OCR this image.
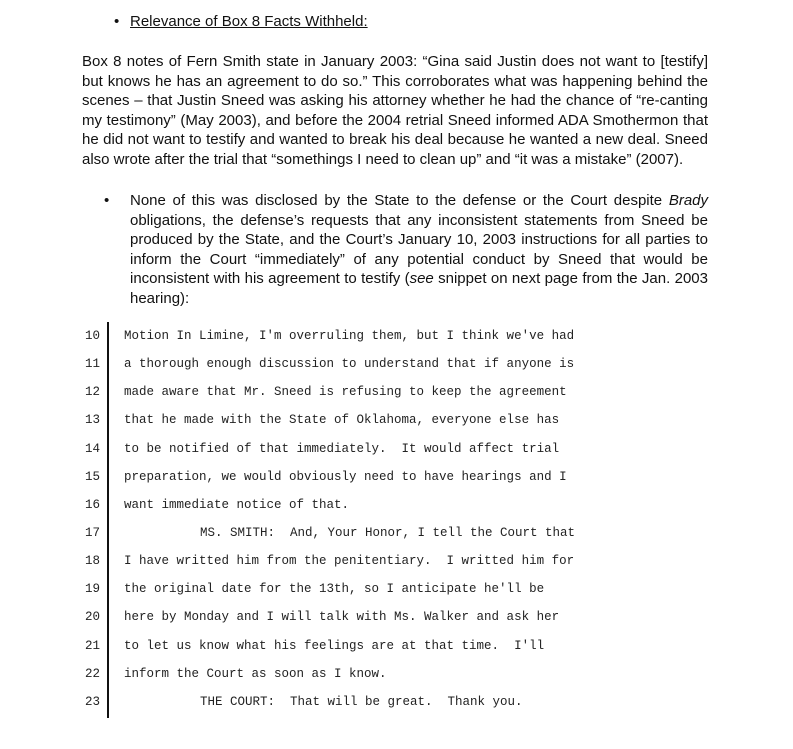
• Relevance of Box 8 Facts Withheld:

Box 8 notes of Fern Smith state in January 2003: “Gina said Justin does not want to [testify] but knows he has an agreement to do so.” This corroborates what was happening behind the scenes – that Justin Sneed was asking his attorney whether he had the chance of “re-canting my testimony” (May 2003), and before the 2004 retrial Sneed informed ADA Smothermon that he did not want to testify and wanted to break his deal because he wanted a new deal. Sneed also wrote after the trial that “somethings I need to clean up” and “it was a mistake” (2007).

• None of this was disclosed by the State to the defense or the Court despite Brady obligations, the defense’s requests that any inconsistent statements from Sneed be produced by the State, and the Court’s January 10, 2003 instructions for all parties to inform the Court “immediately” of any potential conduct by Sneed that would be inconsistent with his agreement to testify (see snippet on next page from the Jan. 2003 hearing):
10 Motion In Limine, I'm overruling them, but I think we've had
11 a thorough enough discussion to understand that if anyone is
12 made aware that Mr. Sneed is refusing to keep the agreement
13 that he made with the State of Oklahoma, everyone else has
14 to be notified of that immediately.  It would affect trial
15 preparation, we would obviously need to have hearings and I
16 want immediate notice of that.
17	MS. SMITH:  And, Your Honor, I tell the Court that
18 I have writted him from the penitentiary.  I writted him for
19 the original date for the 13th, so I anticipate he'll be
20 here by Monday and I will talk with Ms. Walker and ask her
21 to let us know what his feelings are at that time.  I'll
22 inform the Court as soon as I know.
23	THE COURT:  That will be great.  Thank you.
